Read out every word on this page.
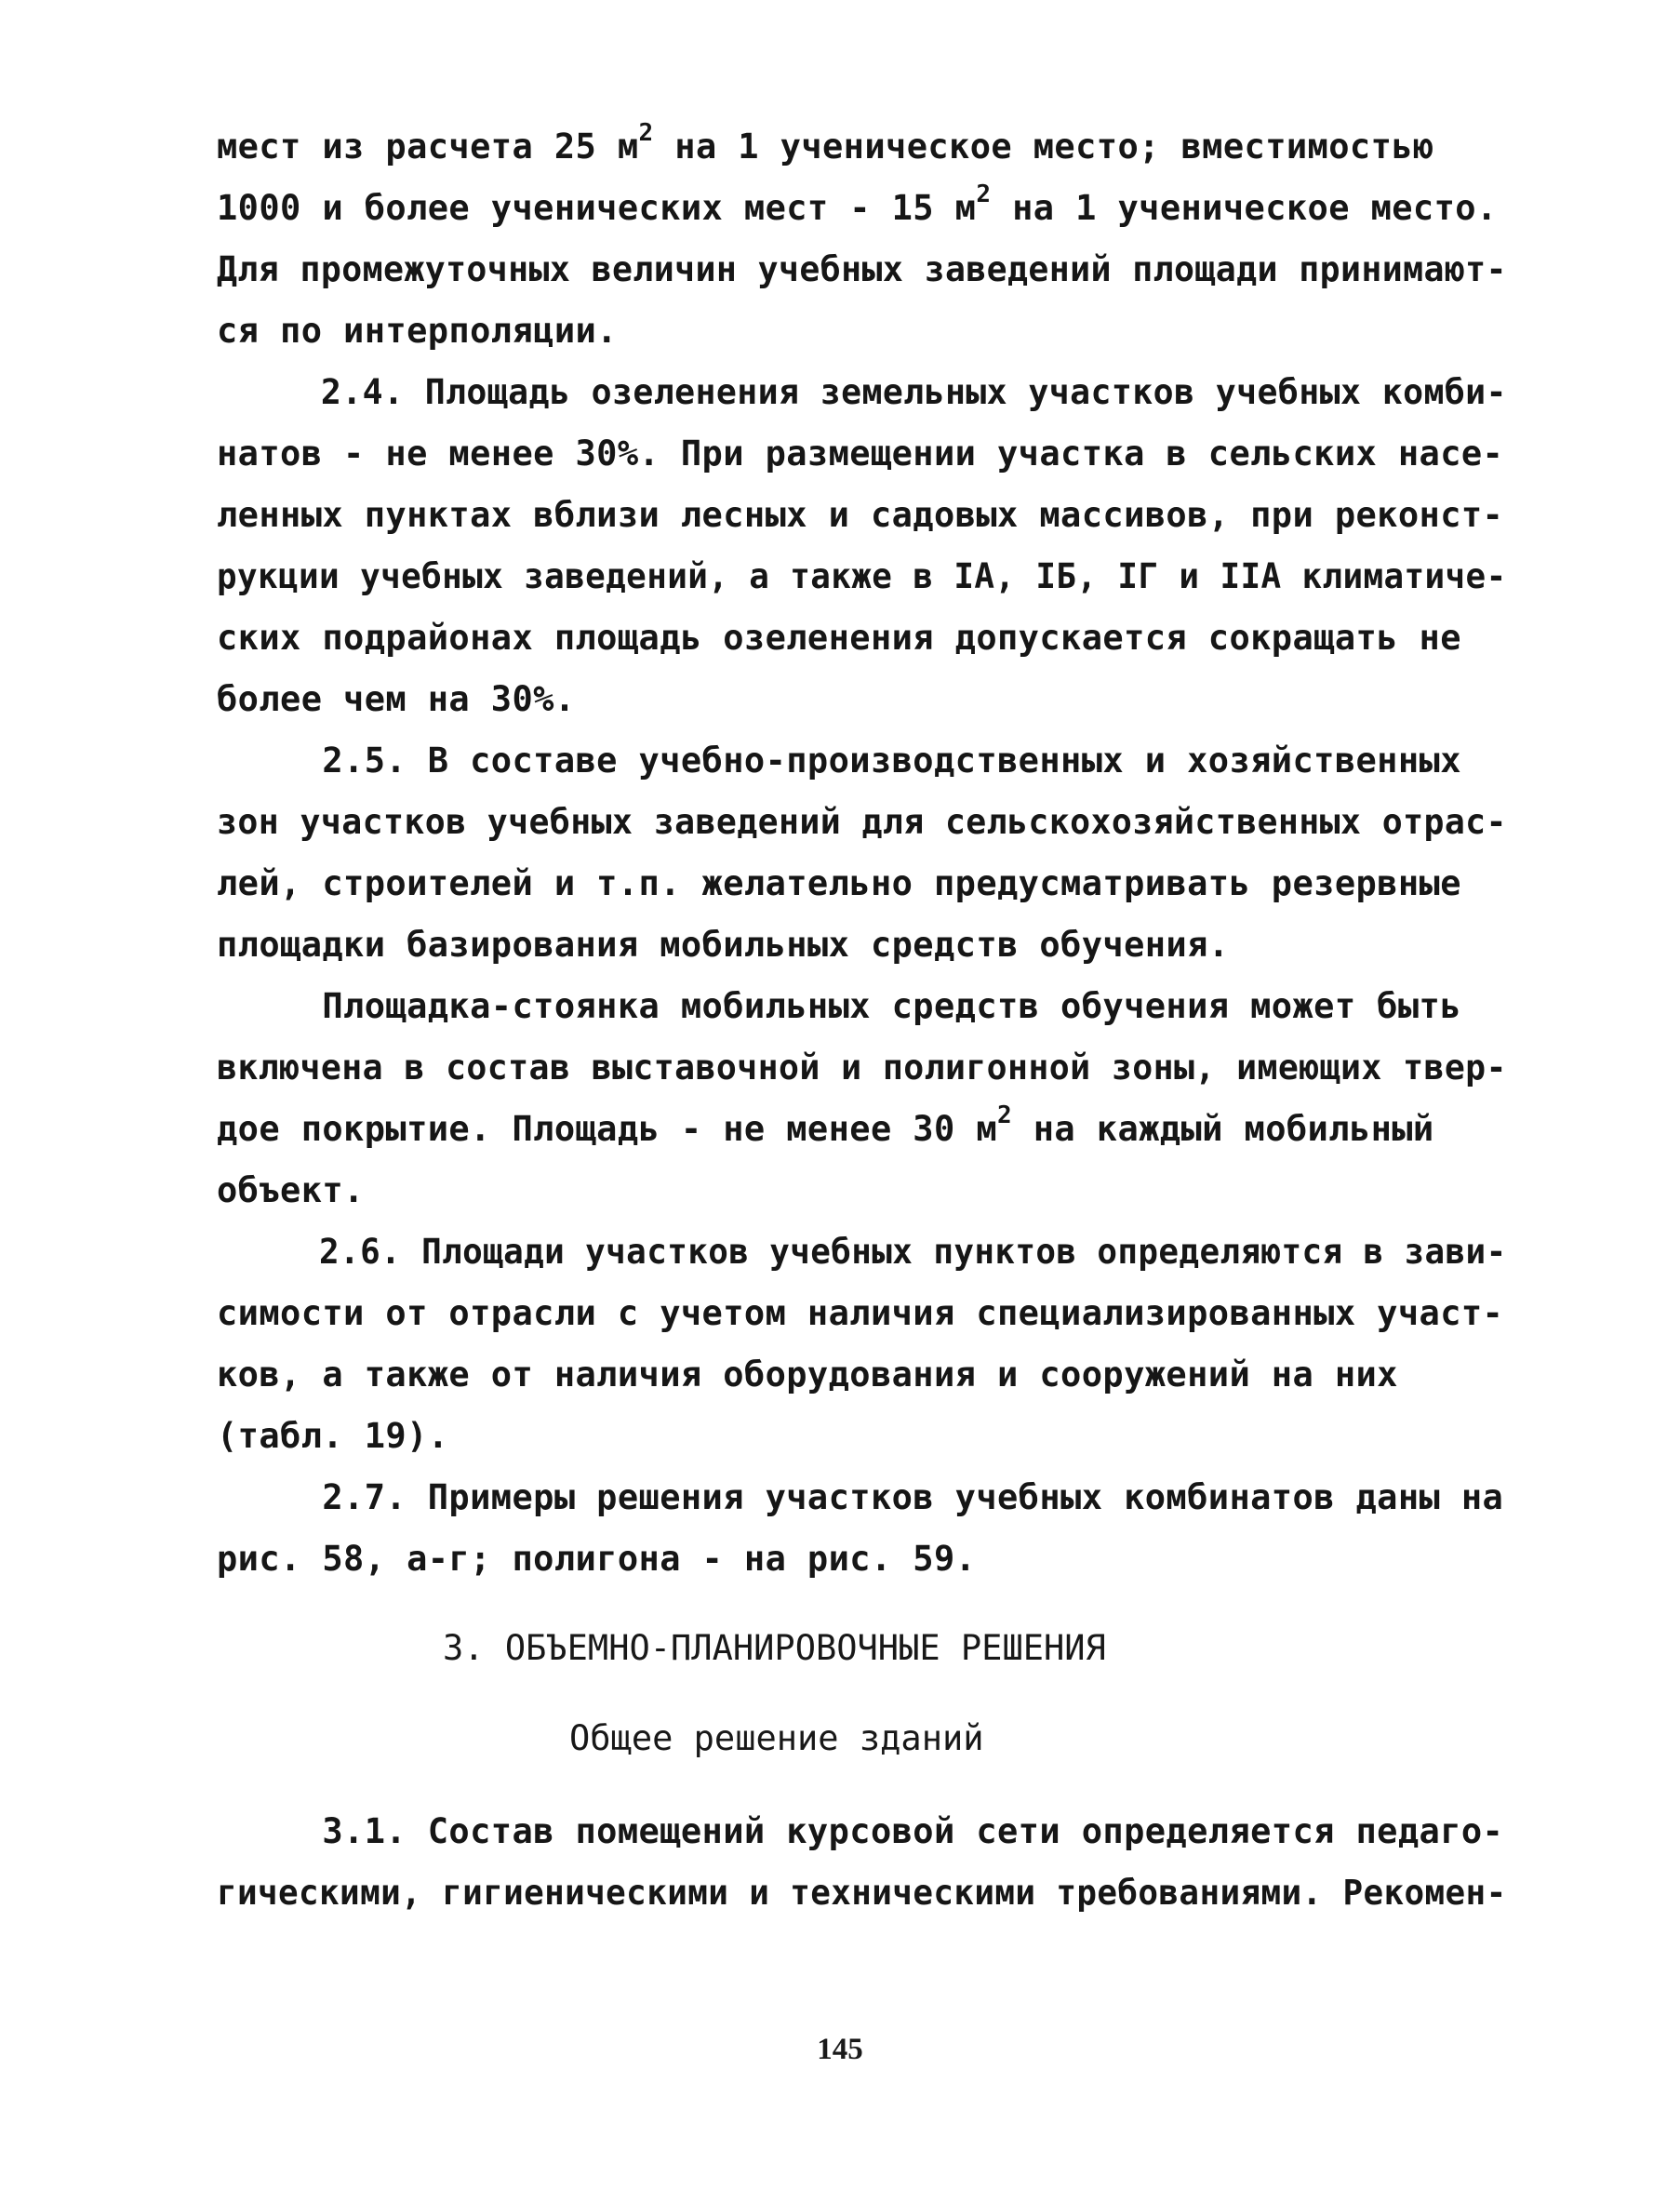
мест из расчета 25 $м^2$ на 1 ученическое место; вместимостью
1000 и более ученических мест - 15 $м^2$ на 1 ученическое место.
Для промежуточных величин учебных заведений площади принимают-
ся по интерполяции.
2.4. Площадь озеленения земельных участков учебных комби-
натов - не менее 30%. При размещении участка в сельских насе-
ленных пунктах вблизи лесных и садовых массивов, при реконст-
рукции учебных заведений, а также в IA, IБ, IГ и IIA климатиче-
ских подрайонах площадь озеленения допускается сокращать не
более чем на 30%.
2.5. В составе учебно-производственных и хозяйственных
зон участков учебных заведений для сельскохозяйственных отрас-
лей, строителей и т.п. желательно предусматривать резервные
площадки базирования мобильных средств обучения.
Площадка-стоянка мобильных средств обучения может быть
включена в состав выставочной и полигонной зоны, имеющих твер-
дое покрытие. Площадь - не менее 30 $м^2$ на каждый мобильный
объект.
2.6. Площади участков учебных пунктов определяются в зави-
симости от отрасли с учетом наличия специализированных участ-
ков, а также от наличия оборудования и сооружений на них
(табл. 19).
2.7. Примеры решения участков учебных комбинатов даны на
рис. 58, а-г; полигона - на рис. 59.
3. ОБЪЕМНО-ПЛАНИРОВОЧНЫЕ РЕШЕНИЯ
Общее решение зданий
3.1. Состав помещений курсовой сети определяется педаго-
гическими, гигиеническими и техническими требованиями. Рекомен-
145
